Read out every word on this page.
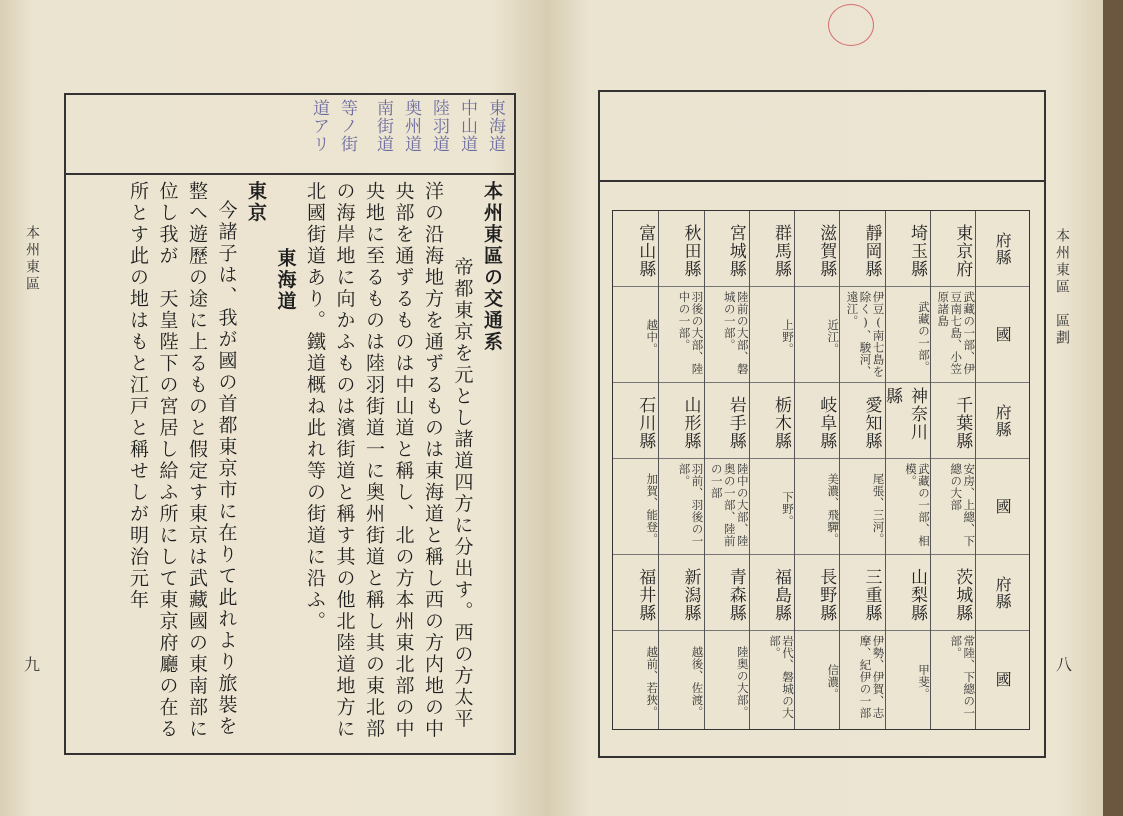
本州東區
九
東海道
中山道
陸羽道
奥州道
南街道
等ノ街
道アリ

本州東區の交通系

帝都東京を元とし諸道四方に分出す。西の方太平洋の沿海地方を通ずるものは東海道と稱し西の方内地の中央部を通ずるものは中山道と稱し、北の方本州東北部の中央地に至るものは陸羽街道一に奥州街道と稱し其の東北部の海岸地に向かふものは濱街道と稱す其の他北陸道地方に北國街道あり。鐵道概ね此れ等の街道に沿ふ。

東海道

東京

今諸子は、我が國の首都東京市に在りて此れより旅裝を整へ遊歷の途に上るものと假定す東京は武藏國の東南部に位し我が　天皇陛下の宮居し給ふ所にして東京府廳の在る所とす此の地はもと江戸と稱せしが明治元年	本州東區　區劃
八
府縣
國
府縣
國
府縣
國
東京府
武藏の一部、伊豆南七島、小笠原諸島
千葉縣
安房、上總、下總の大部
茨城縣
常陸、下總の一部。
埼玉縣
武藏の一部。
神奈川縣
武藏の一部、相模。
山梨縣
甲斐。
靜岡縣
伊豆(南七島を除く)、駿河、遠江。
愛知縣
尾張、三河。
三重縣
伊勢、伊賀、志摩、紀伊の一部
滋賀縣
近江。
岐阜縣
美濃、飛驒。
長野縣
信濃。
群馬縣
上野。
栃木縣
下野。
福島縣
岩代、磐城の大部。
宮城縣
陸前の大部、磐城の一部。
岩手縣
陸中の大部、陸奥の一部、陸前の一部
青森縣
陸奥の大部。
秋田縣
羽後の大部、陸中の一部。
山形縣
羽前、羽後の一部。
新潟縣
越後、佐渡。
富山縣
越中。
石川縣
加賀、能登。
福井縣
越前、若狹。
